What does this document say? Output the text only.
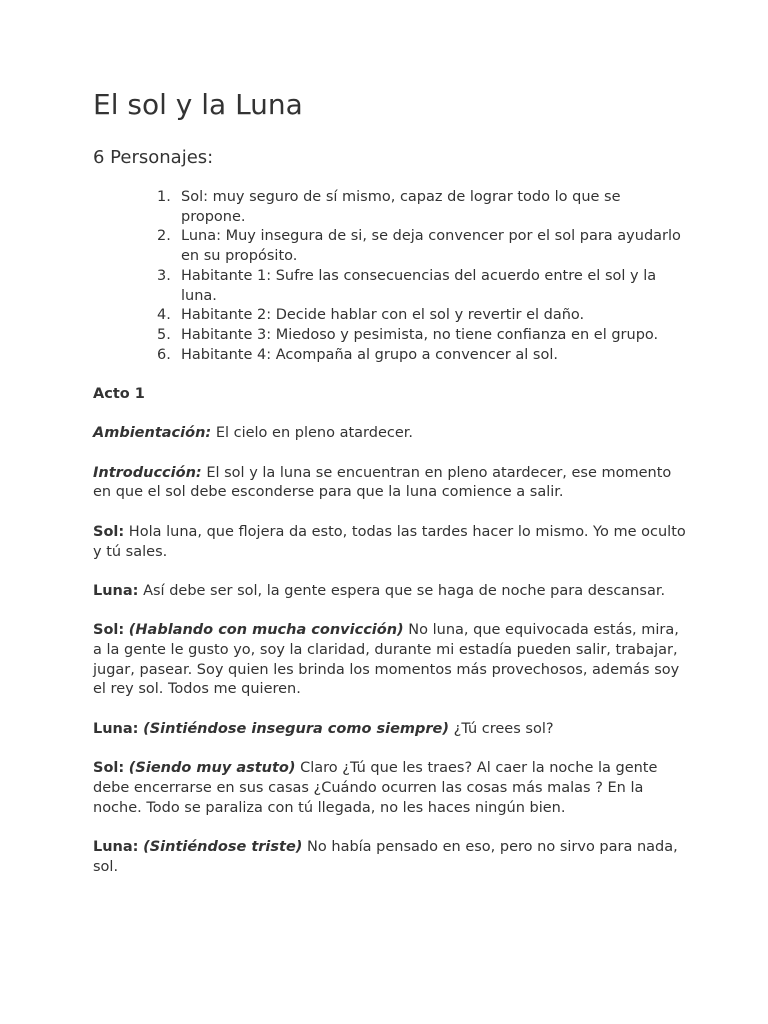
El sol y la Luna
6 Personajes:
1. Sol: muy seguro de sí mismo, capaz de lograr todo lo que se propone.
2. Luna: Muy insegura de si, se deja convencer por el sol para ayudarlo en su propósito.
3. Habitante 1: Sufre las consecuencias del acuerdo entre el sol y la luna.
4. Habitante 2: Decide hablar con el sol y revertir el daño.
5. Habitante 3: Miedoso y pesimista, no tiene confianza en el grupo.
6. Habitante 4: Acompaña al grupo a convencer al sol.

Acto 1

Ambientación: El cielo en pleno atardecer.

Introducción: El sol y la luna se encuentran en pleno atardecer, ese momento en que el sol debe esconderse para que la luna comience a salir.

Sol: Hola luna, que flojera da esto, todas las tardes hacer lo mismo. Yo me oculto y tú sales.

Luna: Así debe ser sol, la gente espera que se haga de noche para descansar.

Sol: (Hablando con mucha convicción) No luna, que equivocada estás, mira, a la gente le gusto yo, soy la claridad, durante mi estadía pueden salir, trabajar, jugar, pasear. Soy quien les brinda los momentos más provechosos, además soy el rey sol. Todos me quieren.

Luna: (Sintiéndose insegura como siempre) ¿Tú crees sol?

Sol: (Siendo muy astuto) Claro ¿Tú que les traes? Al caer la noche la gente debe encerrarse en sus casas ¿Cuándo ocurren las cosas más malas ? En la noche. Todo se paraliza con tú llegada, no les haces ningún bien.

Luna: (Sintiéndose triste) No había pensado en eso, pero no sirvo para nada, sol.
